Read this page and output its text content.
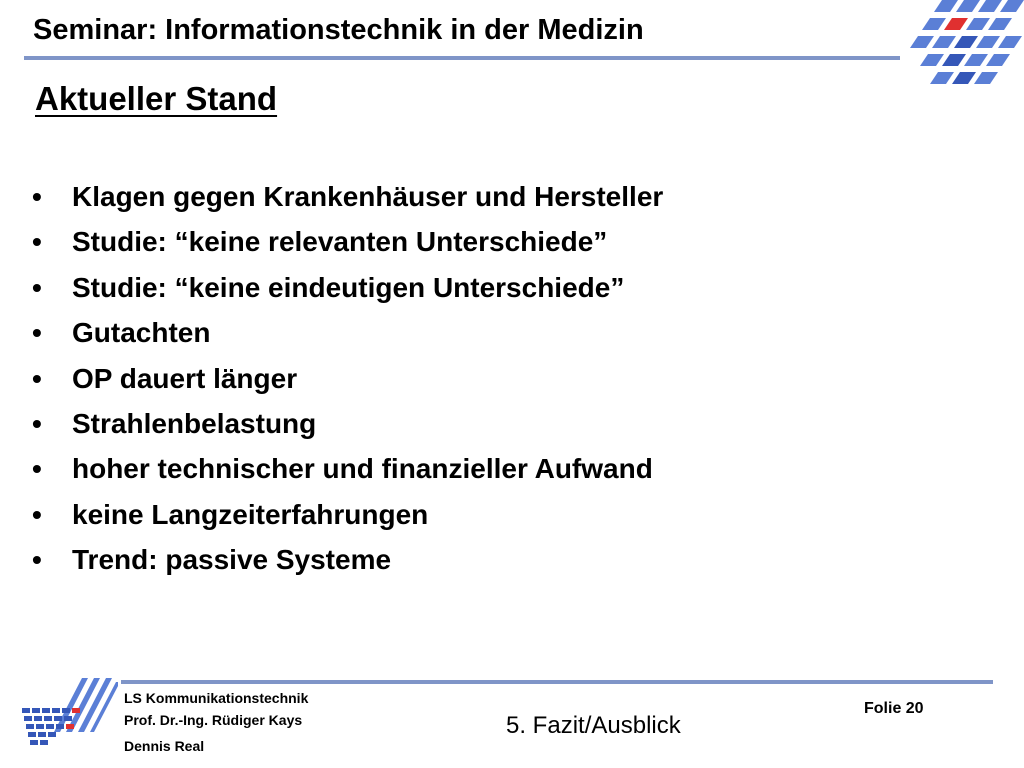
Seminar: Informationstechnik in der Medizin
Aktueller Stand
•	Klagen gegen Krankenhäuser und Hersteller
•	Studie: “keine relevanten Unterschiede”
•	Studie: “keine eindeutigen Unterschiede”
•	Gutachten
•	OP dauert länger
•	Strahlenbelastung
•	hoher technischer und finanzieller Aufwand
•	keine Langzeiterfahrungen
•	Trend: passive Systeme
LS Kommunikationstechnik
Prof. Dr.-Ing. Rüdiger Kays
Dennis Real
5. Fazit/Ausblick
Folie 20
